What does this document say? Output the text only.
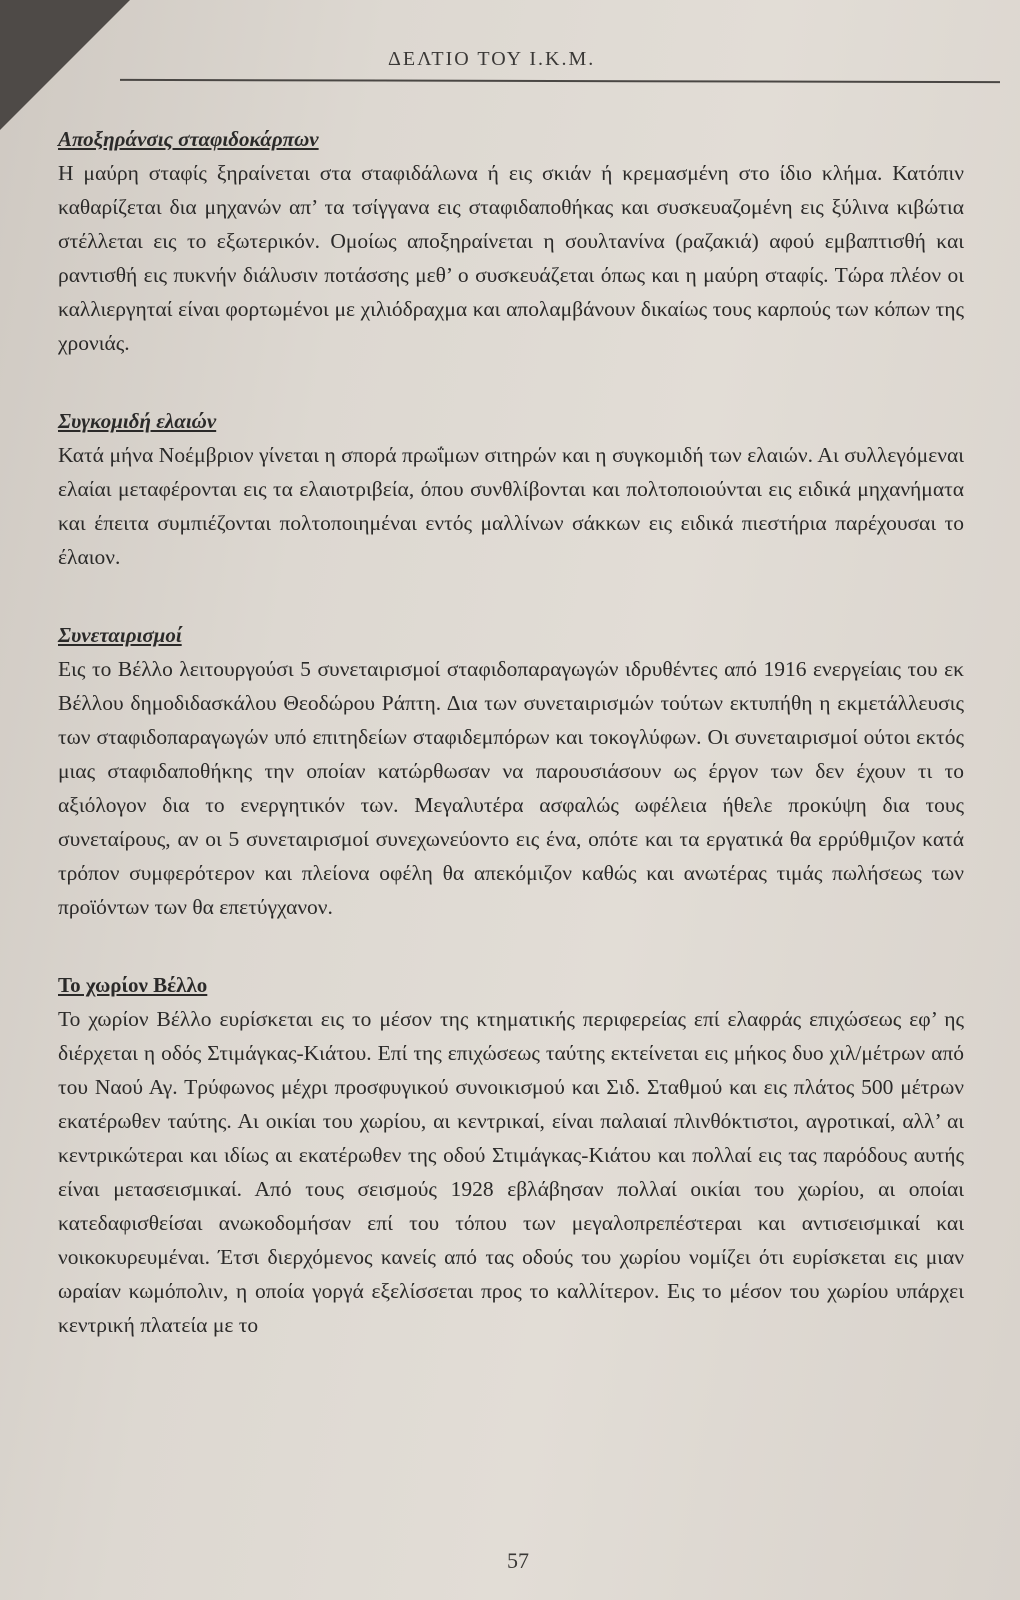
ΔΕΛΤΙΟ ΤΟΥ Ι.Κ.Μ.

Αποξηράνσις σταφιδοκάρπων

Η μαύρη σταφίς ξηραίνεται στα σταφιδάλωνα ή εις σκιάν ή κρεμασμένη στο ίδιο κλήμα. Κατόπιν καθαρίζεται δια μηχανών απ’ τα τσίγγανα εις σταφιδαποθήκας και συσκευαζομένη εις ξύλινα κιβώτια στέλλεται εις το εξωτερικόν. Ομοίως αποξηραίνεται η σουλτανίνα (ραζακιά) αφού εμβαπτισθή και ραντισθή εις πυκνήν διάλυσιν ποτάσσης μεθ’ ο συσκευάζεται όπως και η μαύρη σταφίς. Τώρα πλέον οι καλλιεργηταί είναι φορτωμένοι με χιλιόδραχμα και απολαμβάνουν δικαίως τους καρπούς των κόπων της χρονιάς.

Συγκομιδή ελαιών

Κατά μήνα Νοέμβριον γίνεται η σπορά πρωΐμων σιτηρών και η συγκομιδή των ελαιών. Αι συλλεγόμεναι ελαίαι μεταφέρονται εις τα ελαιοτριβεία, όπου συνθλίβονται και πολτοποιούνται εις ειδικά μηχανήματα και έπειτα συμπιέζονται πολτοποιημέναι εντός μαλλίνων σάκκων εις ειδικά πιεστήρια παρέχουσαι το έλαιον.

Συνεταιρισμοί

Εις το Βέλλο λειτουργούσι 5 συνεταιρισμοί σταφιδοπαραγωγών ιδρυθέντες από 1916 ενεργείαις του εκ Βέλλου δημοδιδασκάλου Θεοδώρου Ράπτη. Δια των συνεταιρισμών τούτων εκτυπήθη η εκμετάλλευσις των σταφιδοπαραγωγών υπό επιτηδείων σταφιδεμπόρων και τοκογλύφων. Οι συνεταιρισμοί ούτοι εκτός μιας σταφιδαποθήκης την οποίαν κατώρθωσαν να παρουσιάσουν ως έργον των δεν έχουν τι το αξιόλογον δια το ενεργητικόν των. Μεγαλυτέρα ασφαλώς ωφέλεια ήθελε προκύψη δια τους συνεταίρους, αν οι 5 συνεταιρισμοί συνεχωνεύοντο εις ένα, οπότε και τα εργατικά θα ερρύθμιζον κατά τρόπον συμφερότερον και πλείονα οφέλη θα απεκόμιζον καθώς και ανωτέρας τιμάς πωλήσεως των προϊόντων των θα επετύγχανον.

Το χωρίον Βέλλο

Το χωρίον Βέλλο ευρίσκεται εις το μέσον της κτηματικής περιφερείας επί ελαφράς επιχώσεως εφ’ ης διέρχεται η οδός Στιμάγκας-Κιάτου. Επί της επιχώσεως ταύτης εκτείνεται εις μήκος δυο χιλ/μέτρων από του Ναού Αγ. Τρύφωνος μέχρι προσφυγικού συνοικισμού και Σιδ. Σταθμού και εις πλάτος 500 μέτρων εκατέρωθεν ταύτης. Αι οικίαι του χωρίου, αι κεντρικαί, είναι παλαιαί πλινθόκτιστοι, αγροτικαί, αλλ’ αι κεντρικώτεραι και ιδίως αι εκατέρωθεν της οδού Στιμάγκας-Κιάτου και πολλαί εις τας παρόδους αυτής είναι μετασεισμικαί. Από τους σεισμούς 1928 εβλάβησαν πολλαί οικίαι του χωρίου, αι οποίαι κατεδαφισθείσαι ανωκοδομήσαν επί του τόπου των μεγαλοπρεπέστεραι και αντισεισμικαί και νοικοκυρευμέναι. Έτσι διερχόμενος κανείς από τας οδούς του χωρίου νομίζει ότι ευρίσκεται εις μιαν ωραίαν κωμόπολιν, η οποία γοργά εξελίσσεται προς το καλλίτερον. Εις το μέσον του χωρίου υπάρχει κεντρική πλατεία με το

57
